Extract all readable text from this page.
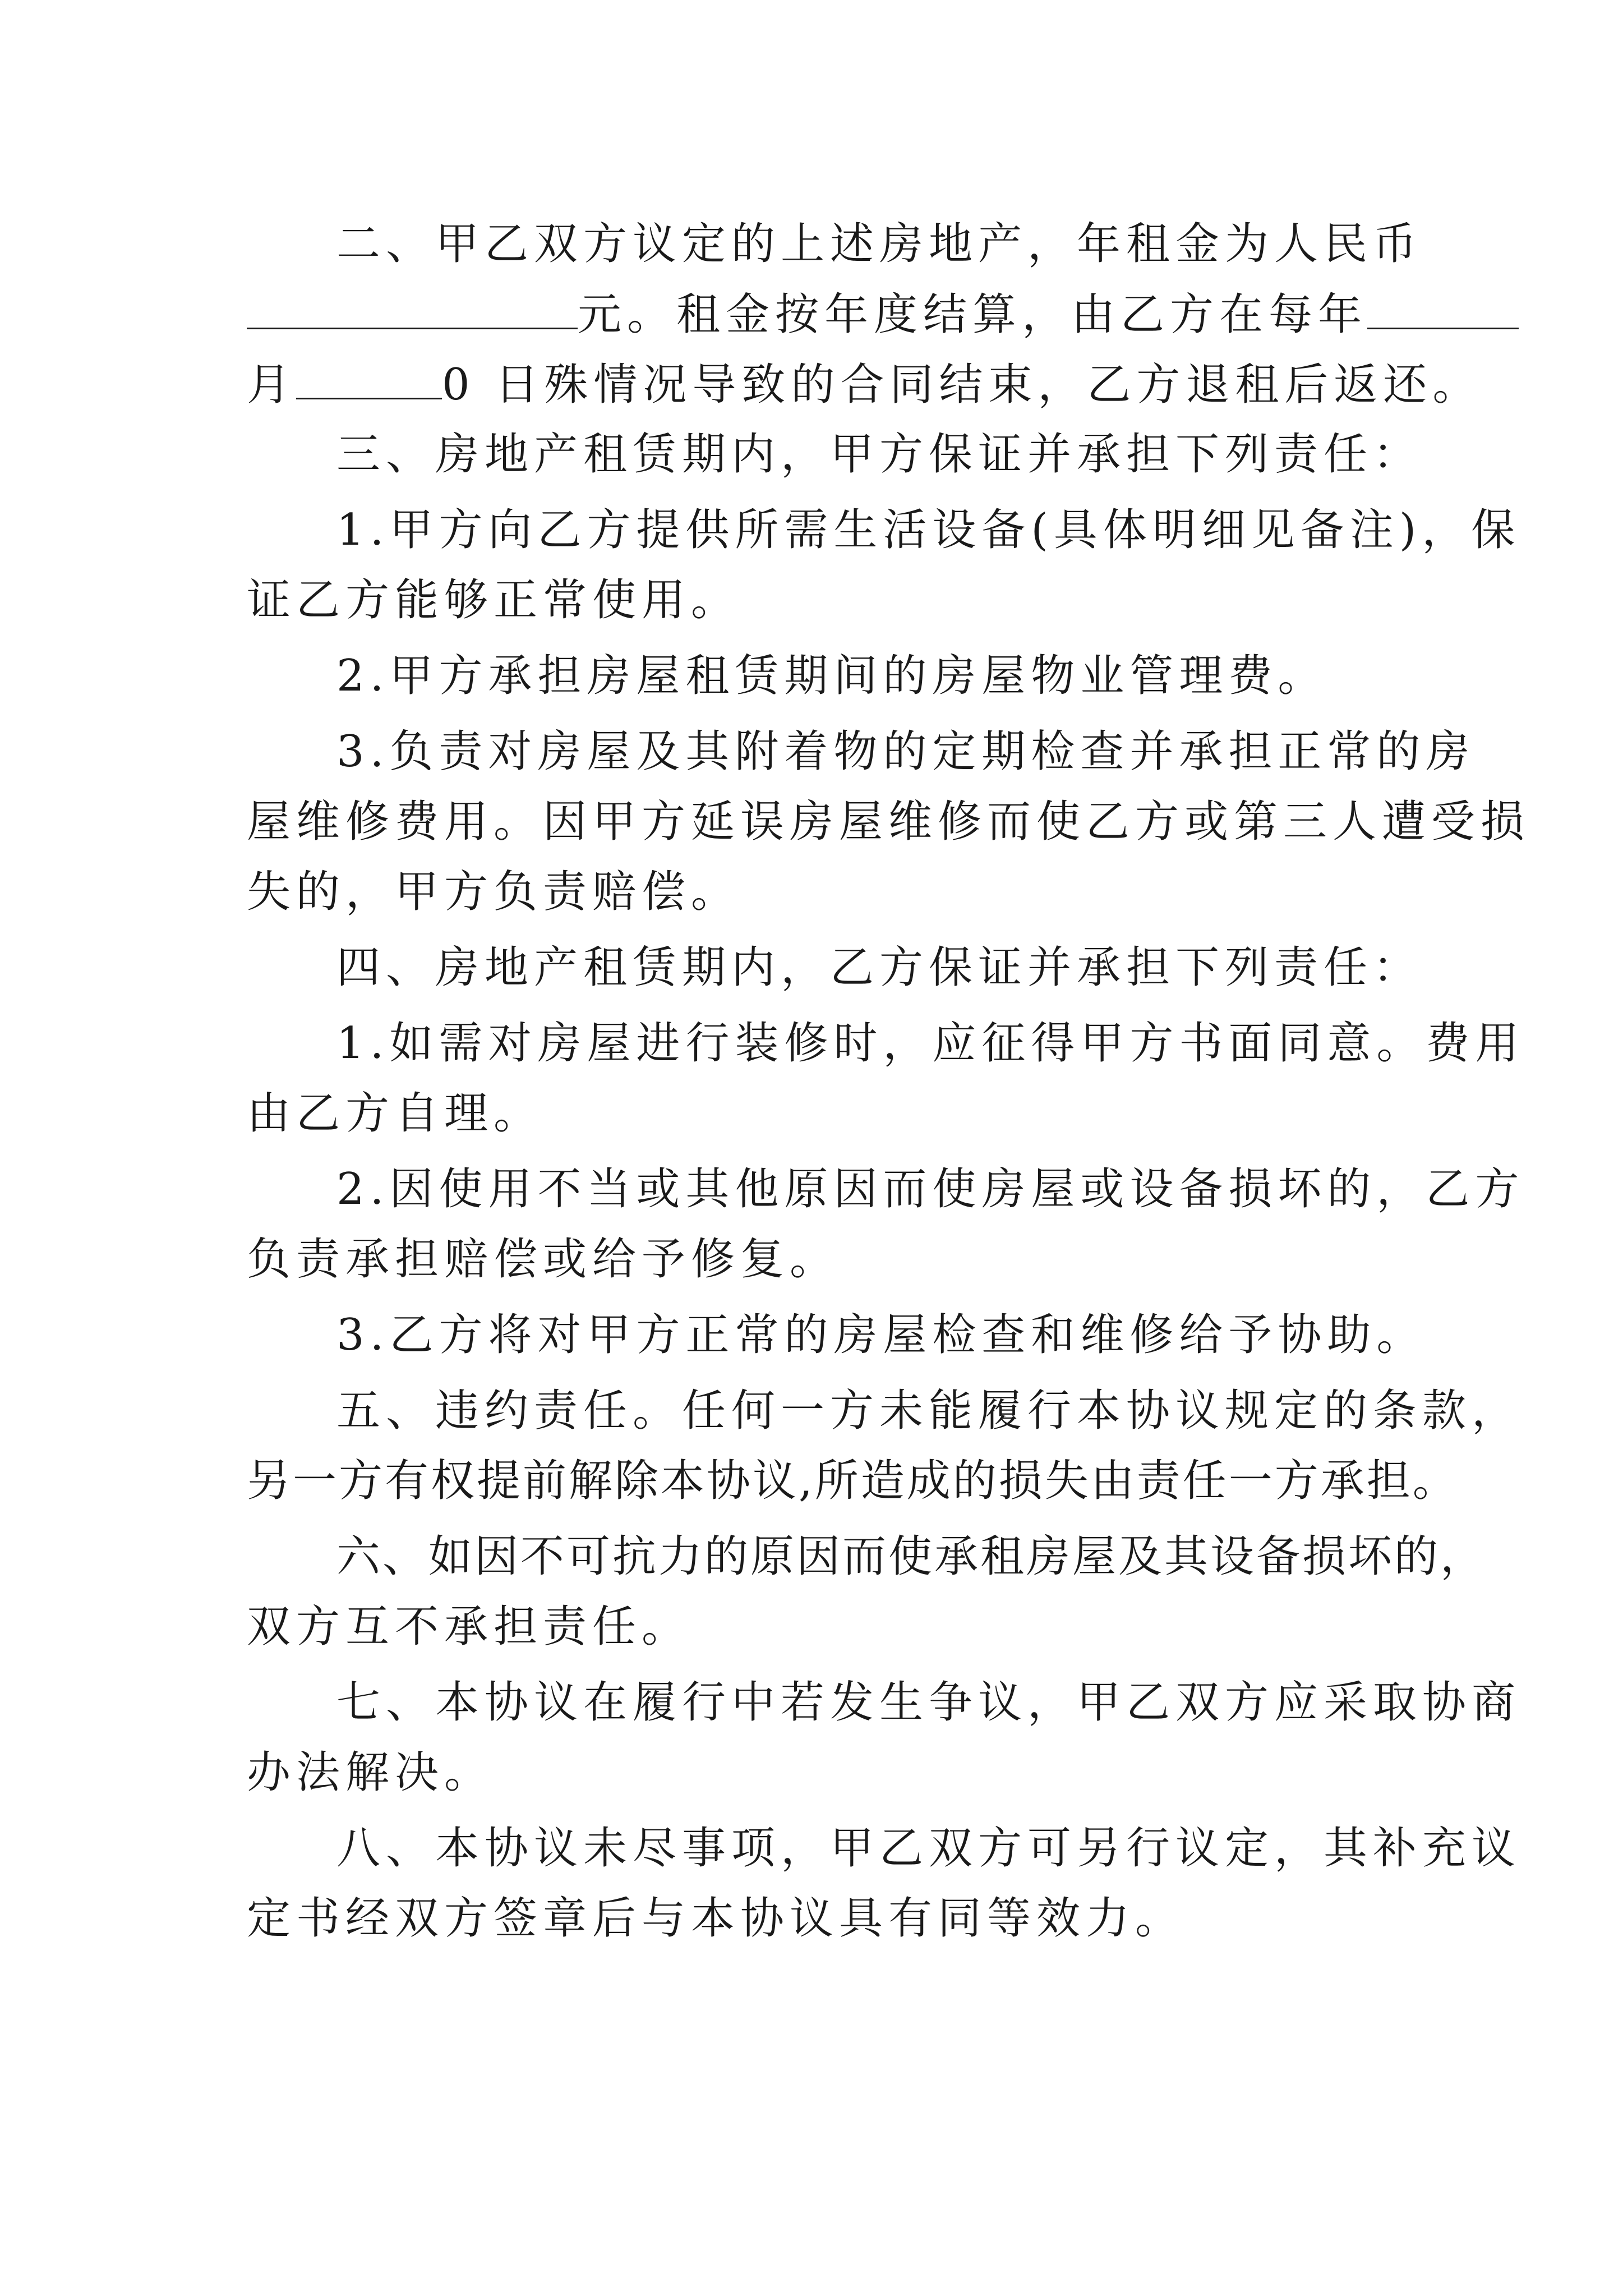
二、甲乙双方议定的上述房地产，年租金为人民币
元。租金按年度结算，由乙方在每年
月	0 日殊情况导致的合同结束，乙方退租后返还。
三、房地产租赁期内，甲方保证并承担下列责任：
1.甲方向乙方提供所需生活设备(具体明细见备注)，保
证乙方能够正常使用。
2.甲方承担房屋租赁期间的房屋物业管理费。
3.负责对房屋及其附着物的定期检查并承担正常的房
屋维修费用。因甲方延误房屋维修而使乙方或第三人遭受损
失的，甲方负责赔偿。
四、房地产租赁期内，乙方保证并承担下列责任：
1.如需对房屋进行装修时，应征得甲方书面同意。费用
由乙方自理。
2.因使用不当或其他原因而使房屋或设备损坏的，乙方
负责承担赔偿或给予修复。
3.乙方将对甲方正常的房屋检查和维修给予协助。
五、违约责任。任何一方未能履行本协议规定的条款，
另一方有权提前解除本协议,所造成的损失由责任一方承担。
六、如因不可抗力的原因而使承租房屋及其设备损坏的，
双方互不承担责任。
七、本协议在履行中若发生争议，甲乙双方应采取协商
办法解决。
八、本协议未尽事项，甲乙双方可另行议定，其补充议
定书经双方签章后与本协议具有同等效力。
